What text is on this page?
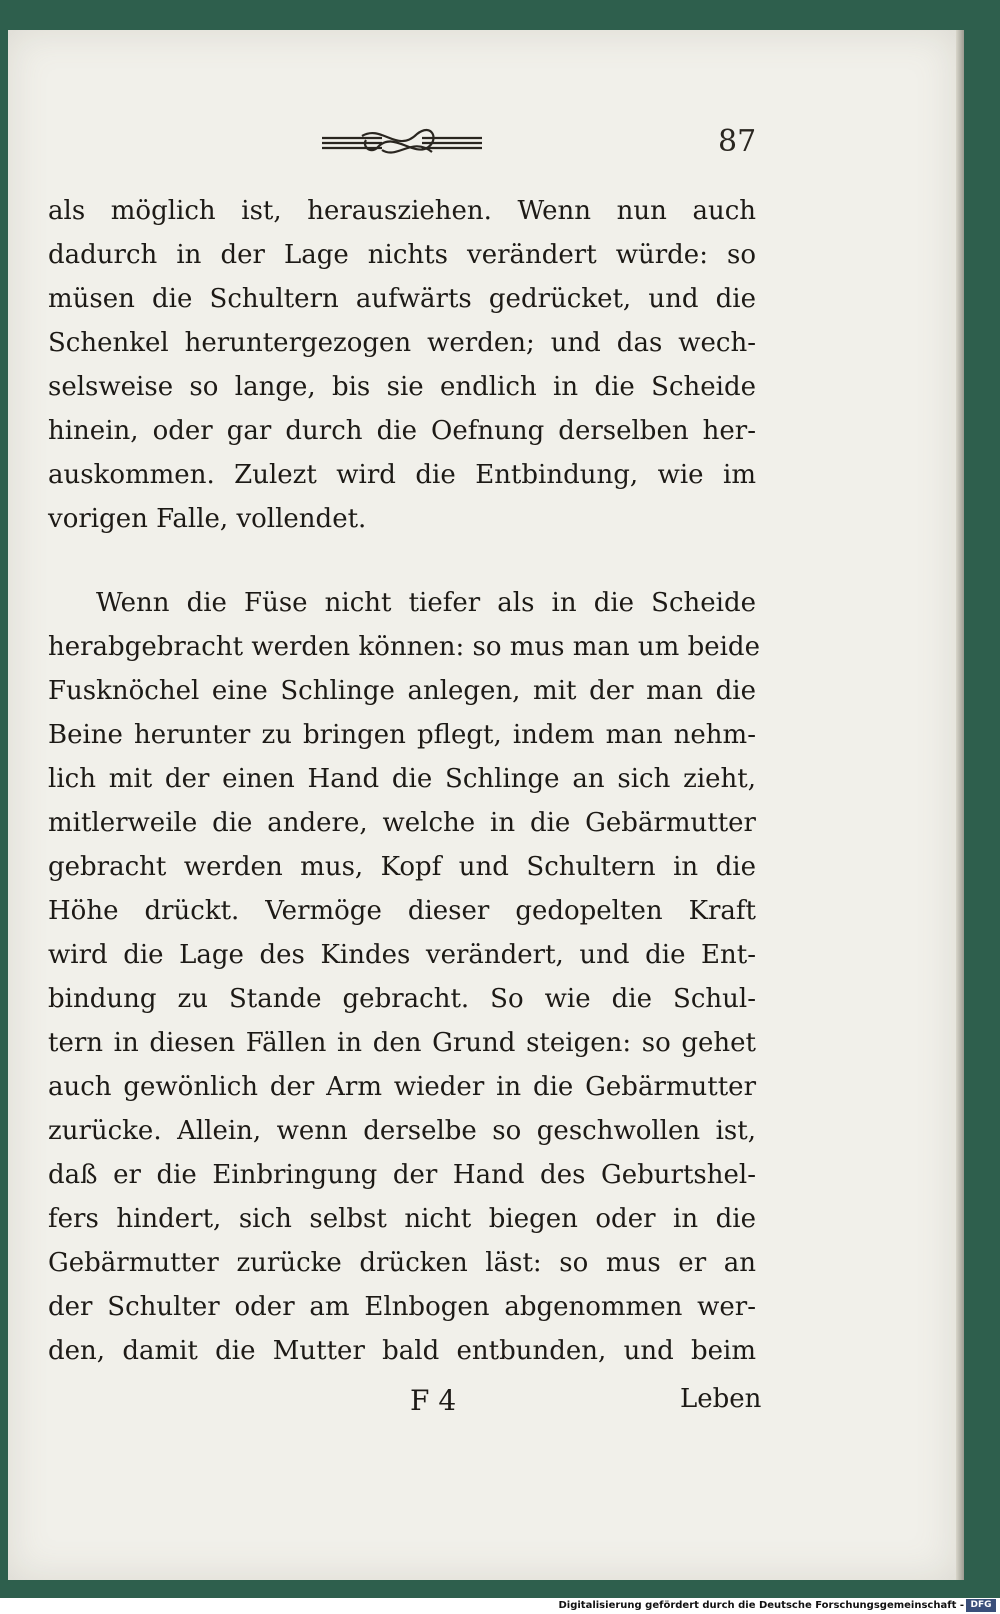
87
als möglich ist, herausziehen. Wenn nun auch
dadurch in der Lage nichts verändert würde: so
müsen die Schultern aufwärts gedrücket, und die
Schenkel heruntergezogen werden; und das wech-
selsweise so lange, bis sie endlich in die Scheide
hinein, oder gar durch die Oefnung derselben her-
auskommen. Zulezt wird die Entbindung, wie im
vorigen Falle, vollendet.
Wenn die Füse nicht tiefer als in die Scheide
herabgebracht werden können: so mus man um beide
Fusknöchel eine Schlinge anlegen, mit der man die
Beine herunter zu bringen pflegt, indem man nehm-
lich mit der einen Hand die Schlinge an sich zieht,
mitlerweile die andere, welche in die Gebärmutter
gebracht werden mus, Kopf und Schultern in die
Höhe drückt. Vermöge dieser gedopelten Kraft
wird die Lage des Kindes verändert, und die Ent-
bindung zu Stande gebracht. So wie die Schul-
tern in diesen Fällen in den Grund steigen: so gehet
auch gewönlich der Arm wieder in die Gebärmutter
zurücke. Allein, wenn derselbe so geschwollen ist,
daß er die Einbringung der Hand des Geburtshel-
fers hindert, sich selbst nicht biegen oder in die
Gebärmutter zurücke drücken läst: so mus er an
der Schulter oder am Elnbogen abgenommen wer-
den, damit die Mutter bald entbunden, und beim
F 4	Leben
Digitalisierung gefördert durch die Deutsche Forschungsgemeinschaft - DFG
